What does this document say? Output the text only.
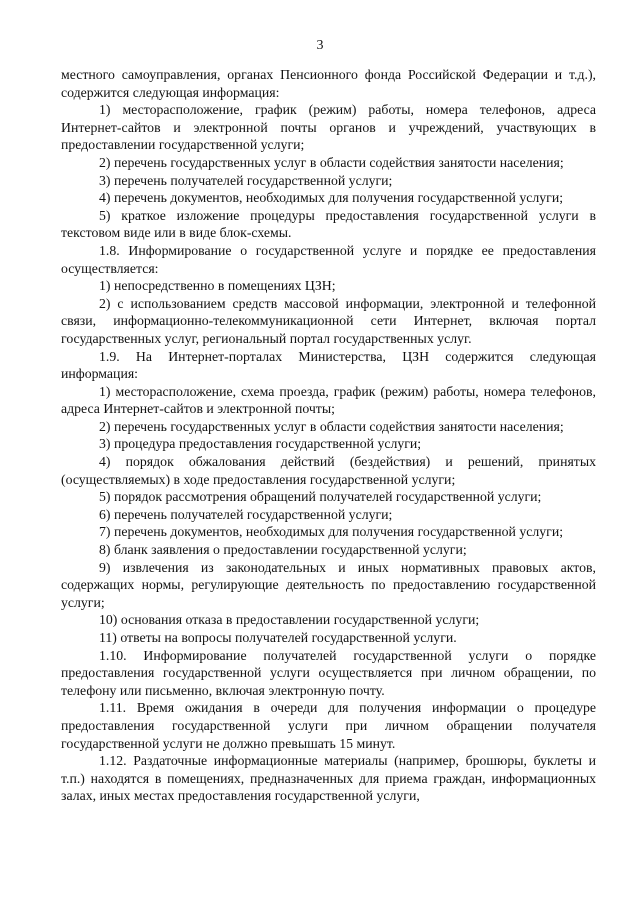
3

местного самоуправления, органах Пенсионного фонда Российской Федерации и т.д.), содержится следующая информация:

1) месторасположение, график (режим) работы, номера телефонов, адреса Интернет-сайтов и электронной почты органов и учреждений, участвующих в предоставлении государственной услуги;

2) перечень государственных услуг в области содействия занятости населения;

3) перечень получателей государственной услуги;

4) перечень документов, необходимых для получения государственной услуги;

5) краткое изложение процедуры предоставления государственной услуги в текстовом виде или в виде блок-схемы.

1.8. Информирование о государственной услуге и порядке ее предоставления осуществляется:

1) непосредственно в помещениях ЦЗН;

2) с использованием средств массовой информации, электронной и телефонной связи, информационно-телекоммуникационной сети Интернет, включая портал государственных услуг, региональный портал государственных услуг.

1.9. На Интернет-порталах Министерства, ЦЗН содержится следующая информация:

1) месторасположение, схема проезда, график (режим) работы, номера телефонов, адреса Интернет-сайтов и электронной почты;

2) перечень государственных услуг в области содействия занятости населения;

3) процедура предоставления государственной услуги;

4) порядок обжалования действий (бездействия) и решений, принятых (осуществляемых) в ходе предоставления государственной услуги;

5) порядок рассмотрения обращений получателей государственной услуги;

6) перечень получателей государственной услуги;

7) перечень документов, необходимых для получения государственной услуги;

8) бланк заявления о предоставлении государственной услуги;

9) извлечения из законодательных и иных нормативных правовых актов, содержащих нормы, регулирующие деятельность по предоставлению государственной услуги;

10) основания отказа в предоставлении государственной услуги;

11) ответы на вопросы получателей государственной услуги.

1.10. Информирование получателей государственной услуги о порядке предоставления государственной услуги осуществляется при личном обращении, по телефону или письменно, включая электронную почту.

1.11. Время ожидания в очереди для получения информации о процедуре предоставления государственной услуги при личном обращении получателя государственной услуги не должно превышать 15 минут.

1.12. Раздаточные информационные материалы (например, брошюры, буклеты и т.п.) находятся в помещениях, предназначенных для приема граждан, информационных залах, иных местах предоставления государственной услуги,
